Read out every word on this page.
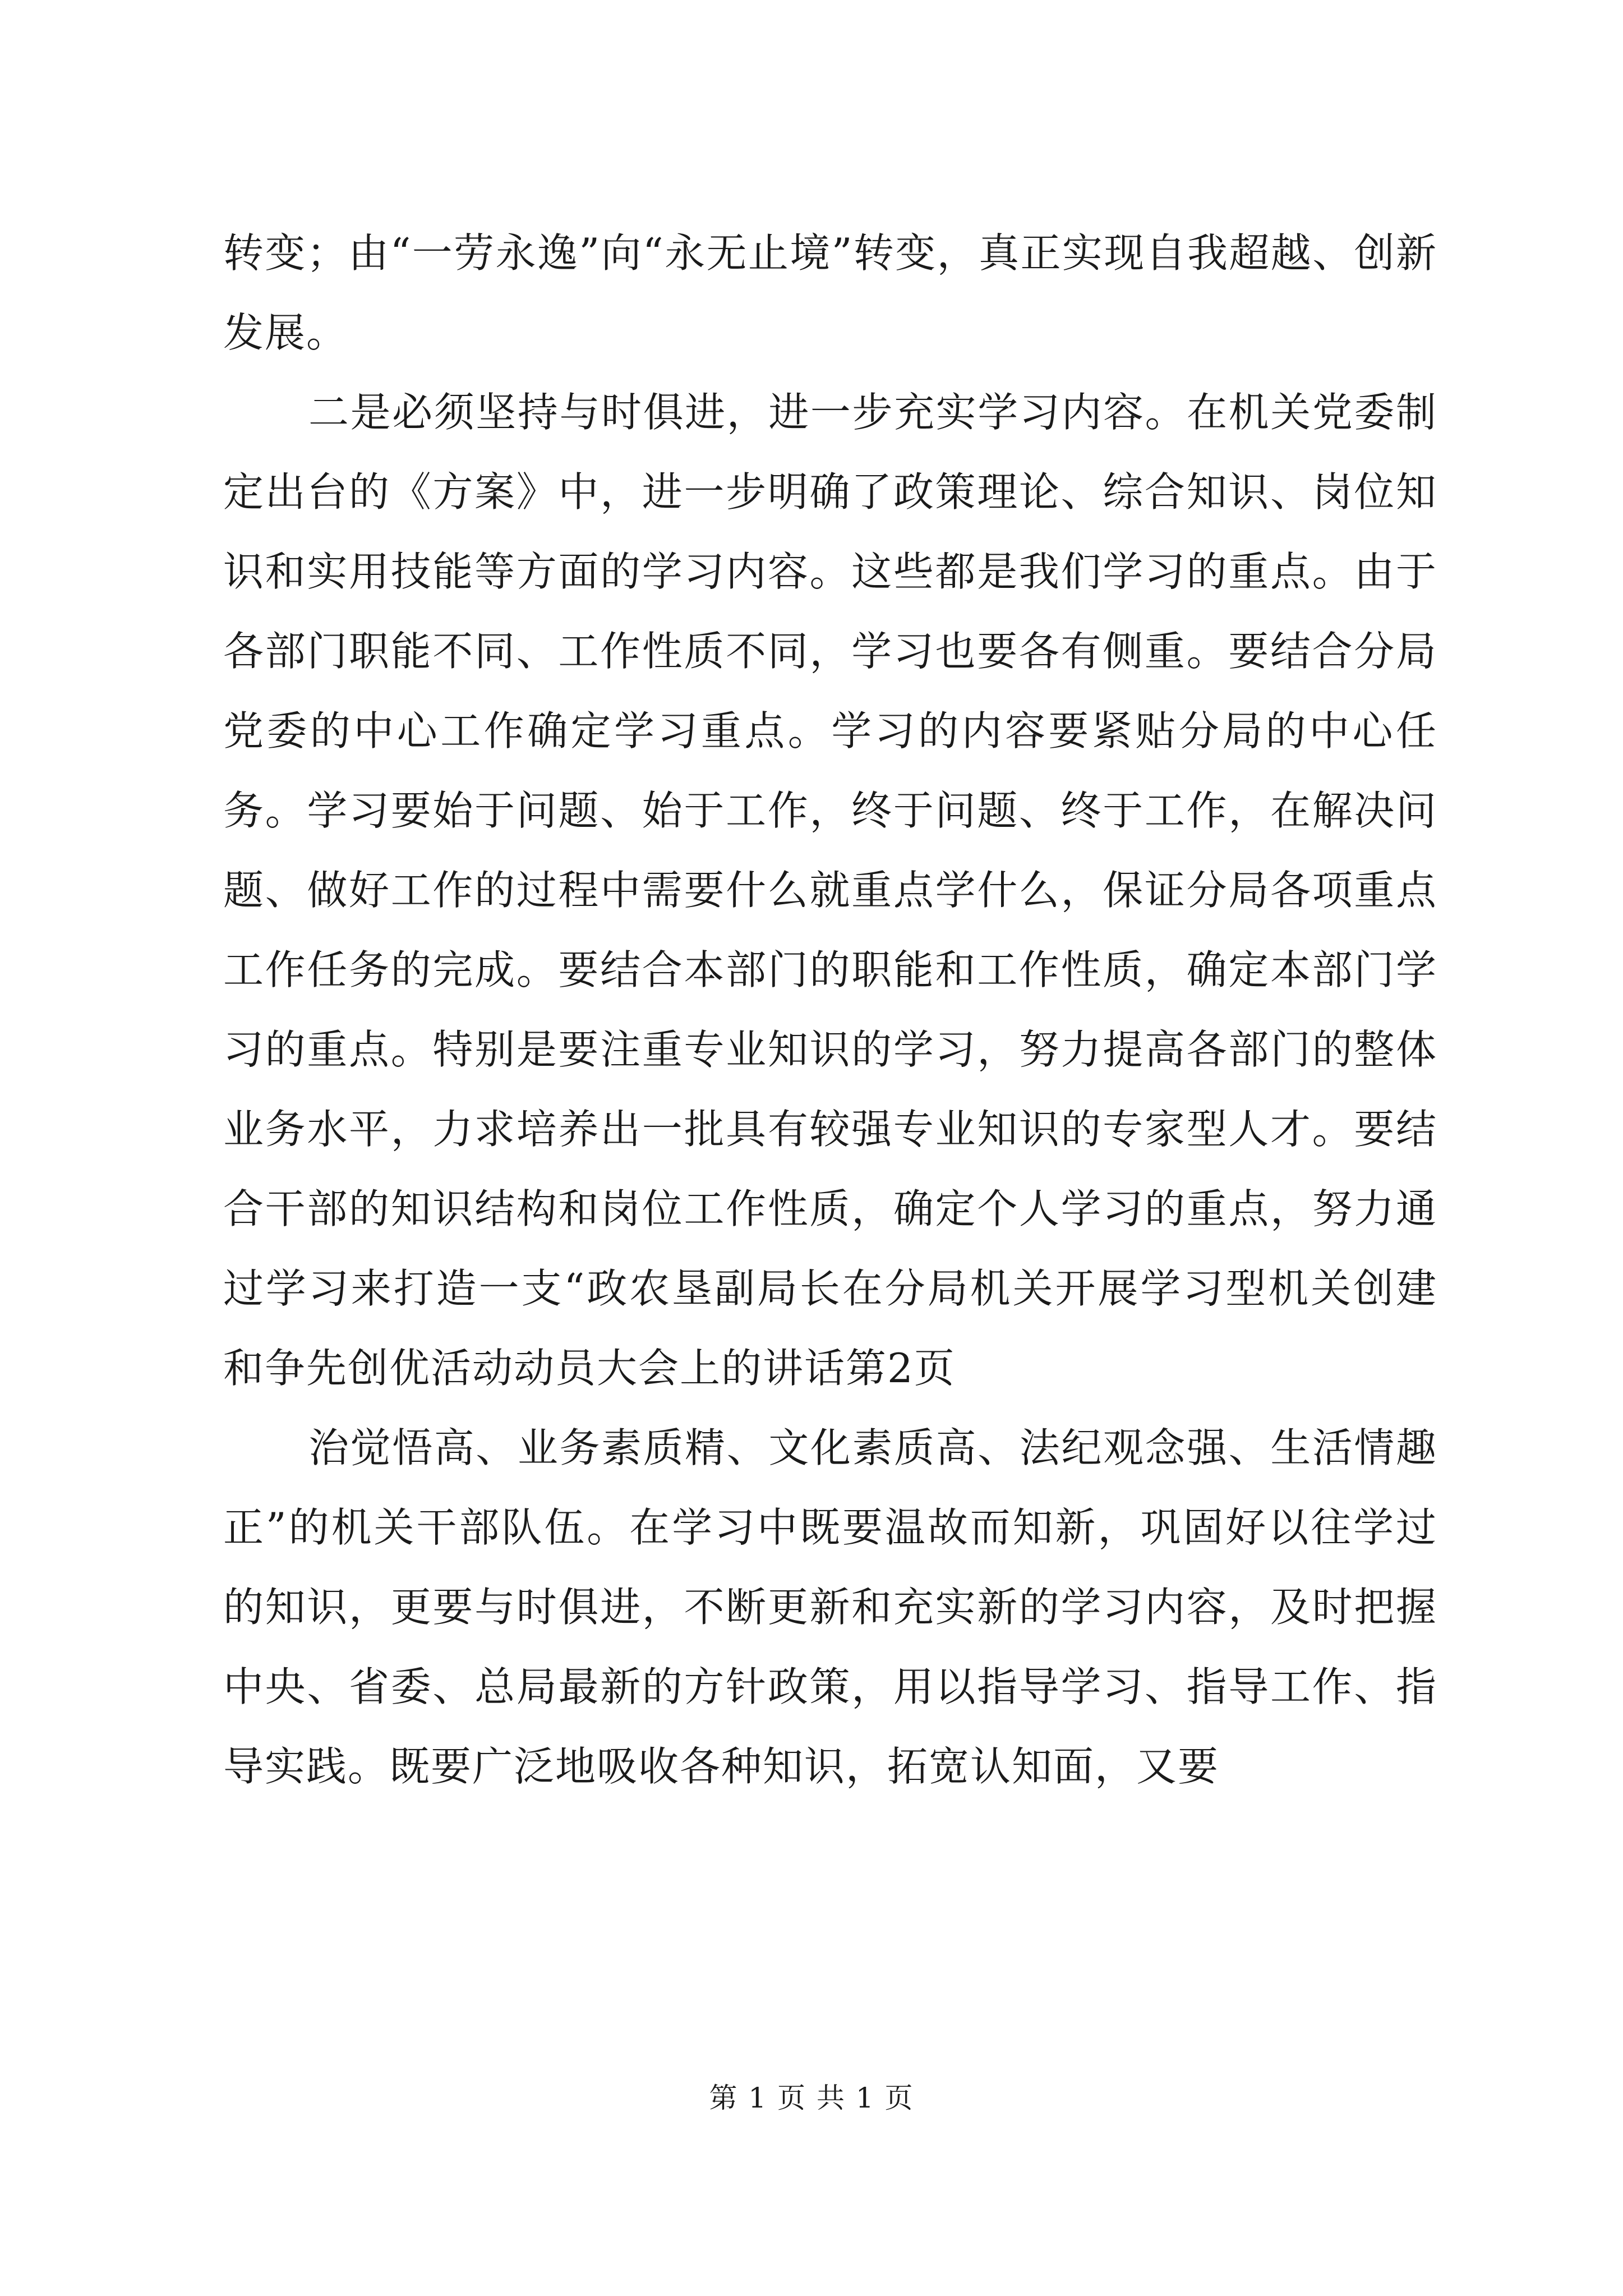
转变；由“一劳永逸”向“永无止境”转变，真正实现自我超越、创新发展。

二是必须坚持与时俱进，进一步充实学习内容。在机关党委制定出台的《方案》中，进一步明确了政策理论、综合知识、岗位知识和实用技能等方面的学习内容。这些都是我们学习的重点。由于各部门职能不同、工作性质不同，学习也要各有侧重。要结合分局党委的中心工作确定学习重点。学习的内容要紧贴分局的中心任务。学习要始于问题、始于工作，终于问题、终于工作，在解决问题、做好工作的过程中需要什么就重点学什么，保证分局各项重点工作任务的完成。要结合本部门的职能和工作性质，确定本部门学习的重点。特别是要注重专业知识的学习，努力提高各部门的整体业务水平，力求培养出一批具有较强专业知识的专家型人才。要结合干部的知识结构和岗位工作性质，确定个人学习的重点，努力通过学习来打造一支“政农垦副局长在分局机关开展学习型机关创建和争先创优活动动员大会上的讲话第2页

治觉悟高、业务素质精、文化素质高、法纪观念强、生活情趣正”的机关干部队伍。在学习中既要温故而知新，巩固好以往学过的知识，更要与时俱进，不断更新和充实新的学习内容，及时把握中央、省委、总局最新的方针政策，用以指导学习、指导工作、指导实践。既要广泛地吸收各种知识，拓宽认知面，又要

第 1 页 共 1 页
